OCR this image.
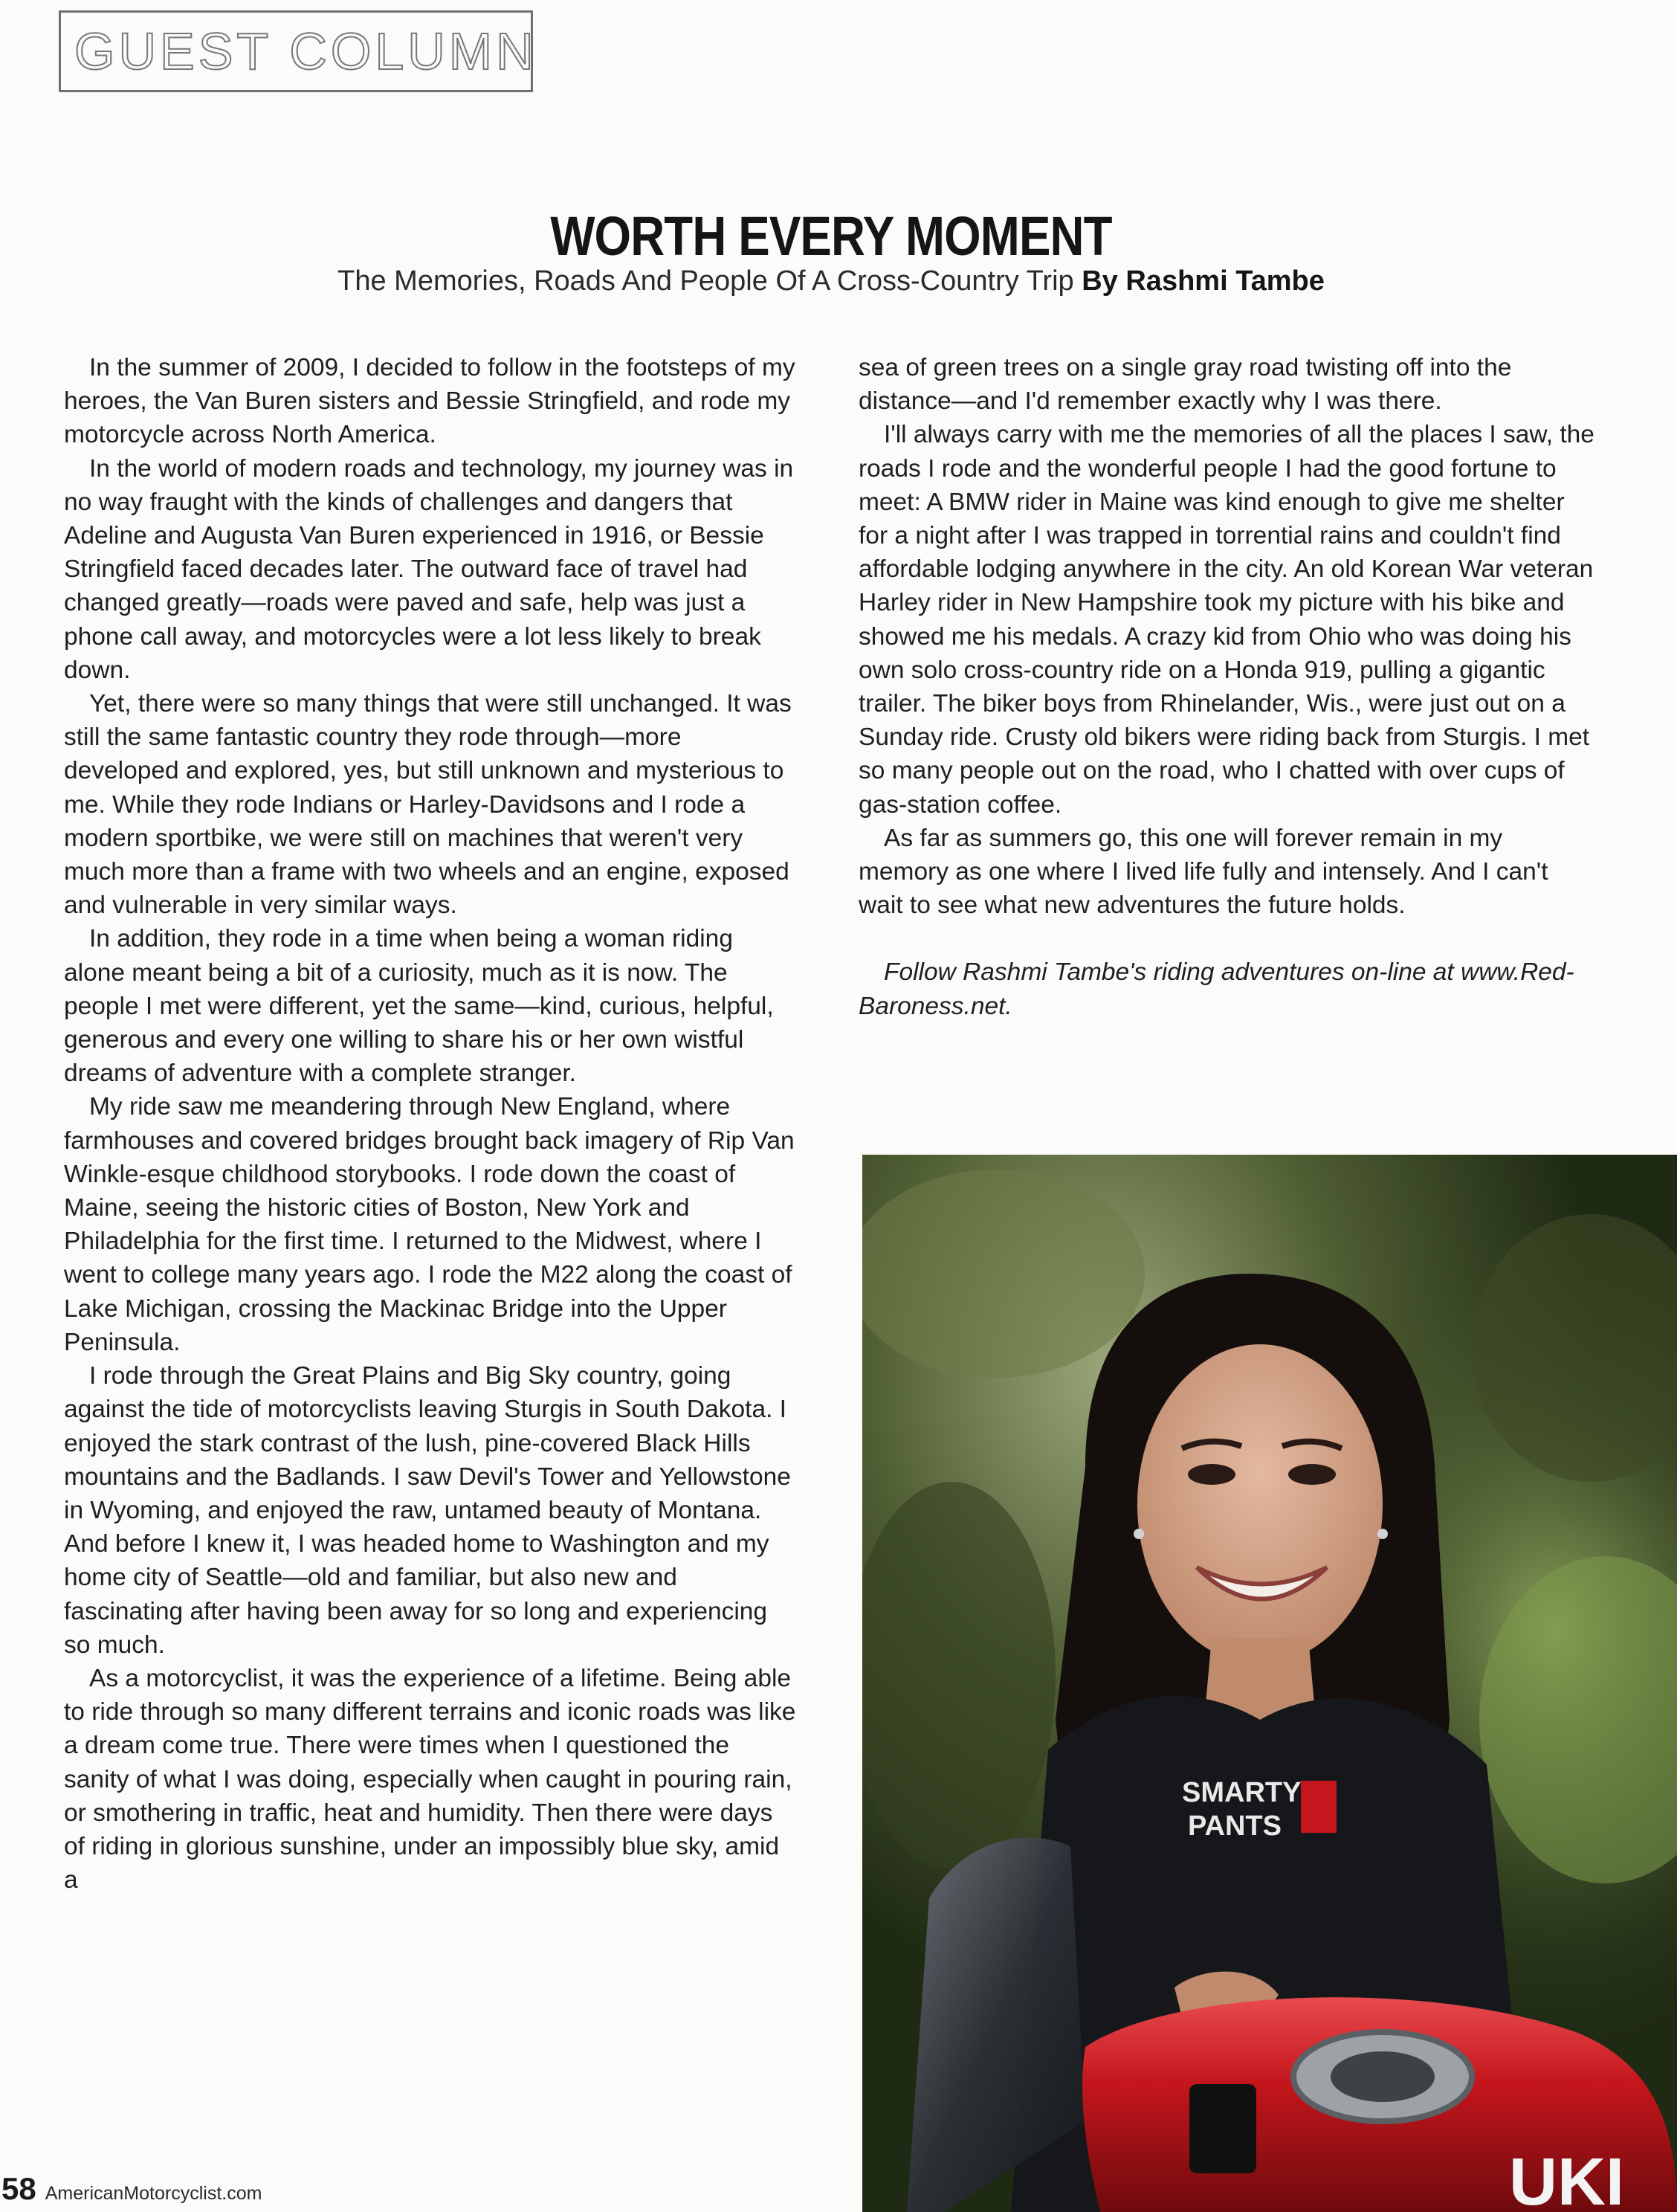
GUEST COLUMN
WORTH EVERY MOMENT
The Memories, Roads And People Of A Cross-Country Trip By Rashmi Tambe

In the summer of 2009, I decided to follow in the footsteps of my heroes, the Van Buren sisters and Bessie Stringfield, and rode my motorcycle across North America.

In the world of modern roads and technology, my journey was in no way fraught with the kinds of challenges and dangers that Adeline and Augusta Van Buren experienced in 1916, or Bessie Stringfield faced decades later. The outward face of travel had changed greatly—roads were paved and safe, help was just a phone call away, and motorcycles were a lot less likely to break down.

Yet, there were so many things that were still unchanged. It was still the same fantastic country they rode through—more developed and explored, yes, but still unknown and mysterious to me. While they rode Indians or Harley-Davidsons and I rode a modern sportbike, we were still on machines that weren't very much more than a frame with two wheels and an engine, exposed and vulnerable in very similar ways.

In addition, they rode in a time when being a woman riding alone meant being a bit of a curiosity, much as it is now. The people I met were different, yet the same—kind, curious, helpful, generous and every one willing to share his or her own wistful dreams of adventure with a complete stranger.

My ride saw me meandering through New England, where farmhouses and covered bridges brought back imagery of Rip Van Winkle-esque childhood storybooks. I rode down the coast of Maine, seeing the historic cities of Boston, New York and Philadelphia for the first time. I returned to the Midwest, where I went to college many years ago. I rode the M22 along the coast of Lake Michigan, crossing the Mackinac Bridge into the Upper Peninsula.

I rode through the Great Plains and Big Sky country, going against the tide of motorcyclists leaving Sturgis in South Dakota. I enjoyed the stark contrast of the lush, pine-covered Black Hills mountains and the Badlands. I saw Devil's Tower and Yellowstone in Wyoming, and enjoyed the raw, untamed beauty of Montana. And before I knew it, I was headed home to Washington and my home city of Seattle—old and familiar, but also new and fascinating after having been away for so long and experiencing so much.

As a motorcyclist, it was the experience of a lifetime. Being able to ride through so many different terrains and iconic roads was like a dream come true. There were times when I questioned the sanity of what I was doing, especially when caught in pouring rain, or smothering in traffic, heat and humidity. Then there were days of riding in glorious sunshine, under an impossibly blue sky, amid a

sea of green trees on a single gray road twisting off into the distance—and I'd remember exactly why I was there.

I'll always carry with me the memories of all the places I saw, the roads I rode and the wonderful people I had the good fortune to meet: A BMW rider in Maine was kind enough to give me shelter for a night after I was trapped in torrential rains and couldn't find affordable lodging anywhere in the city. An old Korean War veteran Harley rider in New Hampshire took my picture with his bike and showed me his medals. A crazy kid from Ohio who was doing his own solo cross-country ride on a Honda 919, pulling a gigantic trailer. The biker boys from Rhinelander, Wis., were just out on a Sunday ride. Crusty old bikers were riding back from Sturgis. I met so many people out on the road, who I chatted with over cups of gas-station coffee.

As far as summers go, this one will forever remain in my memory as one where I lived life fully and intensely. And I can't wait to see what new adventures the future holds.

Follow Rashmi Tambe's riding adventures on-line at www.Red-Baroness.net.

SMARTY
PANTS
UKI
58 AmericanMotorcyclist.com
